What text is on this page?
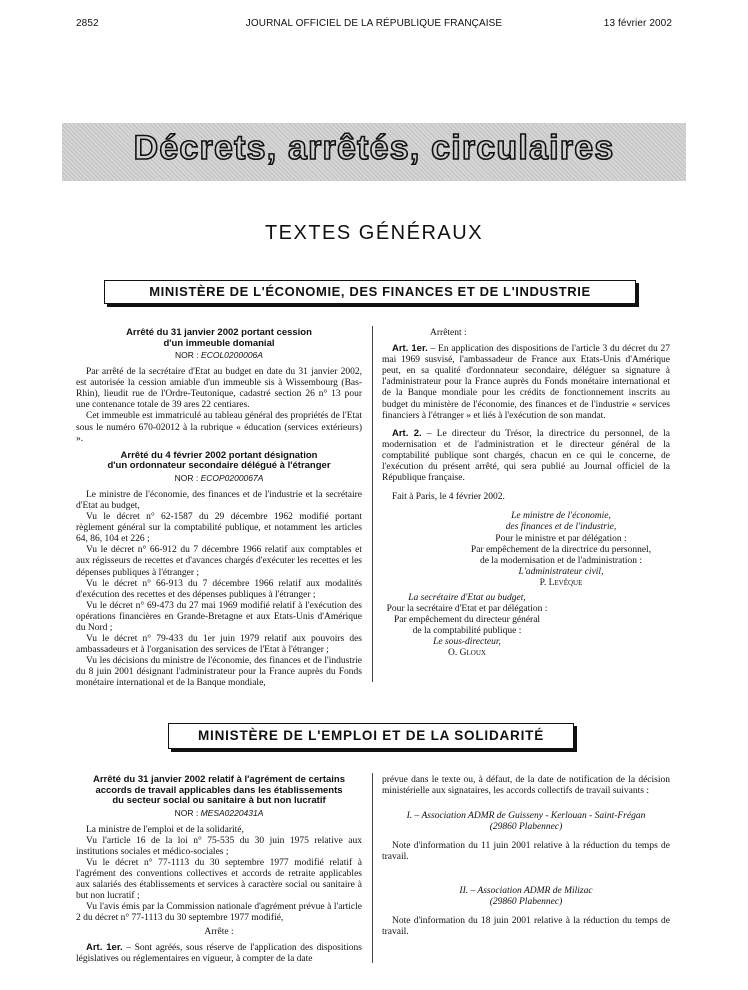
2852	JOURNAL OFFICIEL DE LA RÉPUBLIQUE FRANÇAISE	13 février 2002
Décrets, arrêtés, circulaires
TEXTES GÉNÉRAUX
MINISTÈRE DE L'ÉCONOMIE, DES FINANCES ET DE L'INDUSTRIE

Arrêté du 31 janvier 2002 portant cession

d'un immeuble domanial

NOR : ECOL0200006A

Par arrêté de la secrétaire d'Etat au budget en date du 31 janvier 2002, est autorisée la cession amiable d'un immeuble sis à Wissembourg (Bas-Rhin), lieudit rue de l'Ordre-Teutonique, cadastré section 26 n° 13 pour une contenance totale de 39 ares 22 centiares.

Cet immeuble est immatriculé au tableau général des propriétés de l'Etat sous le numéro 670-02012 à la rubrique « éducation (services extérieurs) ».

Arrêté du 4 février 2002 portant désignation

d'un ordonnateur secondaire délégué à l'étranger

NOR : ECOP0200067A

Le ministre de l'économie, des finances et de l'industrie et la secrétaire d'Etat au budget,

Vu le décret n° 62-1587 du 29 décembre 1962 modifié portant règlement général sur la comptabilité publique, et notamment les articles 64, 86, 104 et 226 ;

Vu le décret n° 66-912 du 7 décembre 1966 relatif aux comptables et aux régisseurs de recettes et d'avances chargés d'exécuter les recettes et les dépenses publiques à l'étranger ;

Vu le décret n° 66-913 du 7 décembre 1966 relatif aux modalités d'exécution des recettes et des dépenses publiques à l'étranger ;

Vu le décret n° 69-473 du 27 mai 1969 modifié relatif à l'exécution des opérations financières en Grande-Bretagne et aux Etats-Unis d'Amérique du Nord ;

Vu le décret n° 79-433 du 1er juin 1979 relatif aux pouvoirs des ambassadeurs et à l'organisation des services de l'Etat à l'étranger ;

Vu les décisions du ministre de l'économie, des finances et de l'industrie du 8 juin 2001 désignant l'administrateur pour la France auprès du Fonds monétaire international et de la Banque mondiale,

Arrêtent :

Art. 1er. – En application des dispositions de l'article 3 du décret du 27 mai 1969 susvisé, l'ambassadeur de France aux Etats-Unis d'Amérique peut, en sa qualité d'ordonnateur secondaire, déléguer sa signature à l'administrateur pour la France auprès du Fonds monétaire international et de la Banque mondiale pour les crédits de fonctionnement inscrits au budget du ministère de l'économie, des finances et de l'industrie « services financiers à l'étranger » et liés à l'exécution de son mandat.

Art. 2. – Le directeur du Trésor, la directrice du personnel, de la modernisation et de l'administration et le directeur général de la comptabilité publique sont chargés, chacun en ce qui le concerne, de l'exécution du présent arrêté, qui sera publié au Journal officiel de la République française.

Fait à Paris, le 4 février 2002.

Le ministre de l'économie,

des finances et de l'industrie,

Pour le ministre et par délégation :

Par empêchement de la directrice du personnel,

de la modernisation et de l'administration :

L'administrateur civil,

P. Levêque

La secrétaire d'Etat au budget,

Pour la secrétaire d'Etat et par délégation :

Par empêchement du directeur général

de la comptabilité publique :

Le sous-directeur,

O. Gloux

MINISTÈRE DE L'EMPLOI ET DE LA SOLIDARITÉ

Arrêté du 31 janvier 2002 relatif à l'agrément de certains

accords de travail applicables dans les établissements

du secteur social ou sanitaire à but non lucratif

NOR : MESA0220431A

La ministre de l'emploi et de la solidarité,

Vu l'article 16 de la loi n° 75-535 du 30 juin 1975 relative aux institutions sociales et médico-sociales ;

Vu le décret n° 77-1113 du 30 septembre 1977 modifié relatif à l'agrément des conventions collectives et accords de retraite applicables aux salariés des établissements et services à caractère social ou sanitaire à but non lucratif ;

Vu l'avis émis par la Commission nationale d'agrément prévue à l'article 2 du décret n° 77-1113 du 30 septembre 1977 modifié,

Arrête :

Art. 1er. – Sont agréés, sous réserve de l'application des dispositions législatives ou réglementaires en vigueur, à compter de la date

prévue dans le texte ou, à défaut, de la date de notification de la décision ministérielle aux signataires, les accords collectifs de travail suivants :

I. – Association ADMR de Guisseny - Kerlouan - Saint-Frégan

(29860 Plabennec)

Note d'information du 11 juin 2001 relative à la réduction du temps de travail.

II. – Association ADMR de Milizac

(29860 Plabennec)

Note d'information du 18 juin 2001 relative à la réduction du temps de travail.
